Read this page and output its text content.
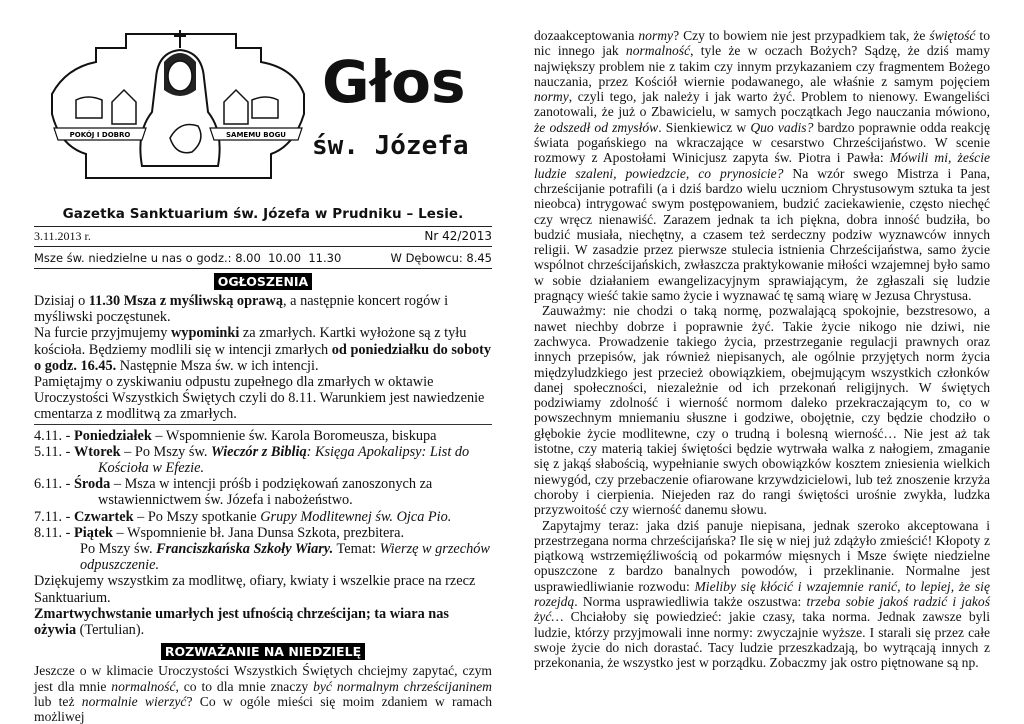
POKÓJ I DOBRO	SAMEMU BOGU
Głos
św. Józefa
Gazetka Sanktuarium św. Józefa w Prudniku – Lesie.
3.11.2013 r.	Nr 42/2013
Msze św. niedzielne u nas o godz.: 8.00  10.00  11.30	W Dębowcu: 8.45
OGŁOSZENIA

Dzisiaj o 11.30 Msza z myśliwską oprawą, a następnie koncert rogów i myśliwski poczęstunek.

Na furcie przyjmujemy wypominki za zmarłych. Kartki wyłożone są z tyłu kościoła. Będziemy modlili się w intencji zmarłych od poniedziałku do soboty o godz. 16.45. Następnie Msza św. w ich intencji.

Pamiętajmy o zyskiwaniu odpustu zupełnego dla zmarłych w oktawie Uroczystości Wszystkich Świętych czyli do 8.11. Warunkiem jest nawiedzenie cmentarza z modlitwą za zmarłych.

4.11. - Poniedziałek – Wspomnienie św. Karola Boromeusza, biskupa

5.11. - Wtorek – Po Mszy św. Wieczór z Biblią: Księga Apokalipsy: List do Kościoła w Efezie.

6.11. - Środa – Msza w intencji próśb i podziękowań zanoszonych za wstawiennictwem św. Józefa i nabożeństwo.

7.11. - Czwartek – Po Mszy spotkanie Grupy Modlitewnej św. Ojca Pio.

8.11. - Piątek – Wspomnienie bł. Jana Dunsa Szkota, prezbitera.

Po Mszy św. Franciszkańska Szkoły Wiary. Temat: Wierzę w grzechów odpuszczenie.

Dziękujemy wszystkim za modlitwę, ofiary, kwiaty i wszelkie prace na rzecz Sanktuarium.

Zmartwychwstanie umarłych jest ufnością chrześcijan; ta wiara nas ożywia (Tertulian).

ROZWAŻANIE NA NIEDZIELĘ

Jeszcze o w klimacie Uroczystości Wszystkich Świętych chciejmy zapytać, czym jest dla mnie normalność, co to dla mnie znaczy być normalnym chrześcijaninem lub też normalnie wierzyć? Co w ogóle mieści się moim zdaniem w ramach możliwej

dozaakceptowania normy? Czy to bowiem nie jest przypadkiem tak, że świętość to nic innego jak normalność, tyle że w oczach Bożych? Sądzę, że dziś mamy największy problem nie z takim czy innym przykazaniem czy fragmentem Bożego nauczania, przez Kościół wiernie podawanego, ale właśnie z samym pojęciem normy, czyli tego, jak należy i jak warto żyć. Problem to nienowy. Ewangeliści zanotowali, że już o Zbawicielu, w samych początkach Jego nauczania mówiono, że odszedł od zmysłów. Sienkiewicz w Quo vadis? bardzo poprawnie odda reakcję świata pogańskiego na wkraczające w cesarstwo Chrześcijaństwo. W scenie rozmowy z Apostołami Winicjusz zapyta św. Piotra i Pawła: Mówili mi, żeście ludzie szaleni, powiedzcie, co prynosicie? Na wzór swego Mistrza i Pana, chrześcijanie potrafili (a i dziś bardzo wielu uczniom Chrystusowym sztuka ta jest nieobca) intrygować swym postępowaniem, budzić zaciekawienie, często niechęć czy wręcz nienawiść. Zarazem jednak ta ich piękna, dobra inność budziła, bo budzić musiała, niechętny, a czasem też serdeczny podziw wyznawców innych religii. W zasadzie przez pierwsze stulecia istnienia Chrześcijaństwa, samo życie wspólnot chrześcijańskich, zwłaszcza praktykowanie miłości wzajemnej było samo w sobie działaniem ewangelizacyjnym sprawiającym, że zgłaszali się ludzie pragnący wieść takie samo życie i wyznawać tę samą wiarę w Jezusa Chrystusa.

Zauważmy: nie chodzi o taką normę, pozwalającą spokojnie, bezstresowo, a nawet niechby dobrze i poprawnie żyć. Takie życie nikogo nie dziwi, nie zachwyca. Prowadzenie takiego życia, przestrzeganie regulacji prawnych oraz innych przepisów, jak również niepisanych, ale ogólnie przyjętych norm życia międzyludzkiego jest przecież obowiązkiem, obejmującym wszystkich członków danej społeczności, niezależnie od ich przekonań religijnych. W świętych podziwiamy zdolność i wierność normom daleko przekraczającym to, co w powszechnym mniemaniu słuszne i godziwe, obojętnie, czy będzie chodziło o głębokie życie modlitewne, czy o trudną i bolesną wierność… Nie jest aż tak istotne, czy materią takiej świętości będzie wytrwała walka z nałogiem, zmaganie się z jakąś słabością, wypełnianie swych obowiązków kosztem zniesienia wielkich niewygód, czy przebaczenie ofiarowane krzywdzicielowi, lub też znoszenie krzyża choroby i cierpienia. Niejeden raz do rangi świętości urośnie zwykła, ludzka przyzwoitość czy wierność danemu słowu.

Zapytajmy teraz: jaka dziś panuje niepisana, jednak szeroko akceptowana i przestrzegana norma chrześcijańska? Ile się w niej już zdążyło zmieścić! Kłopoty z piątkową wstrzemięźliwością od pokarmów mięsnych i Msze święte niedzielne opuszczone z bardzo banalnych powodów, i przeklinanie. Normalne jest usprawiedliwianie rozwodu: Mieliby się kłócić i wzajemnie ranić, to lepiej, że się rozejdą. Norma usprawiedliwia także oszustwa: trzeba sobie jakoś radzić i jakoś żyć… Chciałoby się powiedzieć: jakie czasy, taka norma. Jednak zawsze byli ludzie, którzy przyjmowali inne normy: zwyczajnie wyższe. I starali się przez całe swoje życie do nich dorastać. Tacy ludzie przeszkadzają, bo wytrącają innych z przekonania, że wszystko jest w porządku. Zobaczmy jak ostro piętnowane są np.
